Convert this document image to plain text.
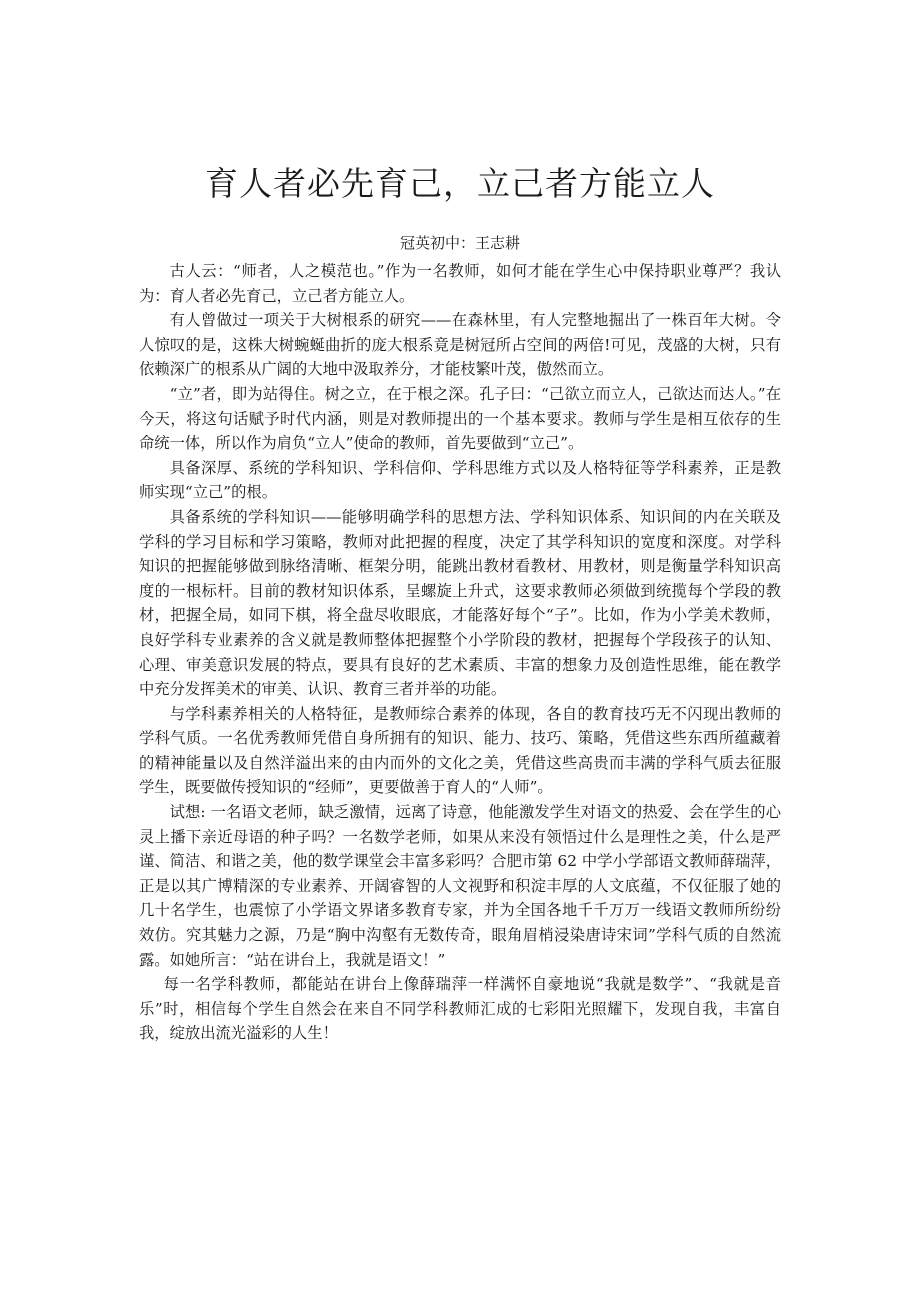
育人者必先育己，立己者方能立人

冠英初中：王志耕

古人云：“师者，人之模范也。”作为一名教师，如何才能在学生心中保持职业尊严？我认为：育人者必先育己，立己者方能立人。

有人曾做过一项关于大树根系的研究——在森林里，有人完整地掘出了一株百年大树。令人惊叹的是，这株大树蜿蜒曲折的庞大根系竟是树冠所占空间的两倍!可见，茂盛的大树，只有依赖深广的根系从广阔的大地中汲取养分，才能枝繁叶茂，傲然而立。

“立”者，即为站得住。树之立，在于根之深。孔子曰：“己欲立而立人，己欲达而达人。”在今天，将这句话赋予时代内涵，则是对教师提出的一个基本要求。教师与学生是相互依存的生命统一体，所以作为肩负“立人”使命的教师，首先要做到“立己”。

具备深厚、系统的学科知识、学科信仰、学科思维方式以及人格特征等学科素养，正是教师实现“立己”的根。

具备系统的学科知识——能够明确学科的思想方法、学科知识体系、知识间的内在关联及学科的学习目标和学习策略，教师对此把握的程度，决定了其学科知识的宽度和深度。对学科知识的把握能够做到脉络清晰、框架分明，能跳出教材看教材、用教材，则是衡量学科知识高度的一根标杆。目前的教材知识体系，呈螺旋上升式，这要求教师必须做到统揽每个学段的教材，把握全局，如同下棋，将全盘尽收眼底，才能落好每个“子”。比如，作为小学美术教师，良好学科专业素养的含义就是教师整体把握整个小学阶段的教材，把握每个学段孩子的认知、心理、审美意识发展的特点，要具有良好的艺术素质、丰富的想象力及创造性思维，能在教学中充分发挥美术的审美、认识、教育三者并举的功能。

与学科素养相关的人格特征，是教师综合素养的体现，各自的教育技巧无不闪现出教师的学科气质。一名优秀教师凭借自身所拥有的知识、能力、技巧、策略，凭借这些东西所蕴藏着的精神能量以及自然洋溢出来的由内而外的文化之美，凭借这些高贵而丰满的学科气质去征服学生，既要做传授知识的“经师”，更要做善于育人的“人师”。

试想: 一名语文老师，缺乏激情，远离了诗意，他能激发学生对语文的热爱、会在学生的心灵上播下亲近母语的种子吗？一名数学老师，如果从来没有领悟过什么是理性之美，什么是严谨、简洁、和谐之美，他的数学课堂会丰富多彩吗？合肥市第 62 中学小学部语文教师薛瑞萍，正是以其广博精深的专业素养、开阔睿智的人文视野和积淀丰厚的人文底蕴，不仅征服了她的几十名学生，也震惊了小学语文界诸多教育专家，并为全国各地千千万万一线语文教师所纷纷效仿。究其魅力之源，乃是“胸中沟壑有无数传奇，眼角眉梢浸染唐诗宋词”学科气质的自然流露。如她所言：“站在讲台上，我就是语文！”

每一名学科教师，都能站在讲台上像薛瑞萍一样满怀自豪地说“我就是数学”、“我就是音乐”时，相信每个学生自然会在来自不同学科教师汇成的七彩阳光照耀下，发现自我，丰富自我，绽放出流光溢彩的人生！
